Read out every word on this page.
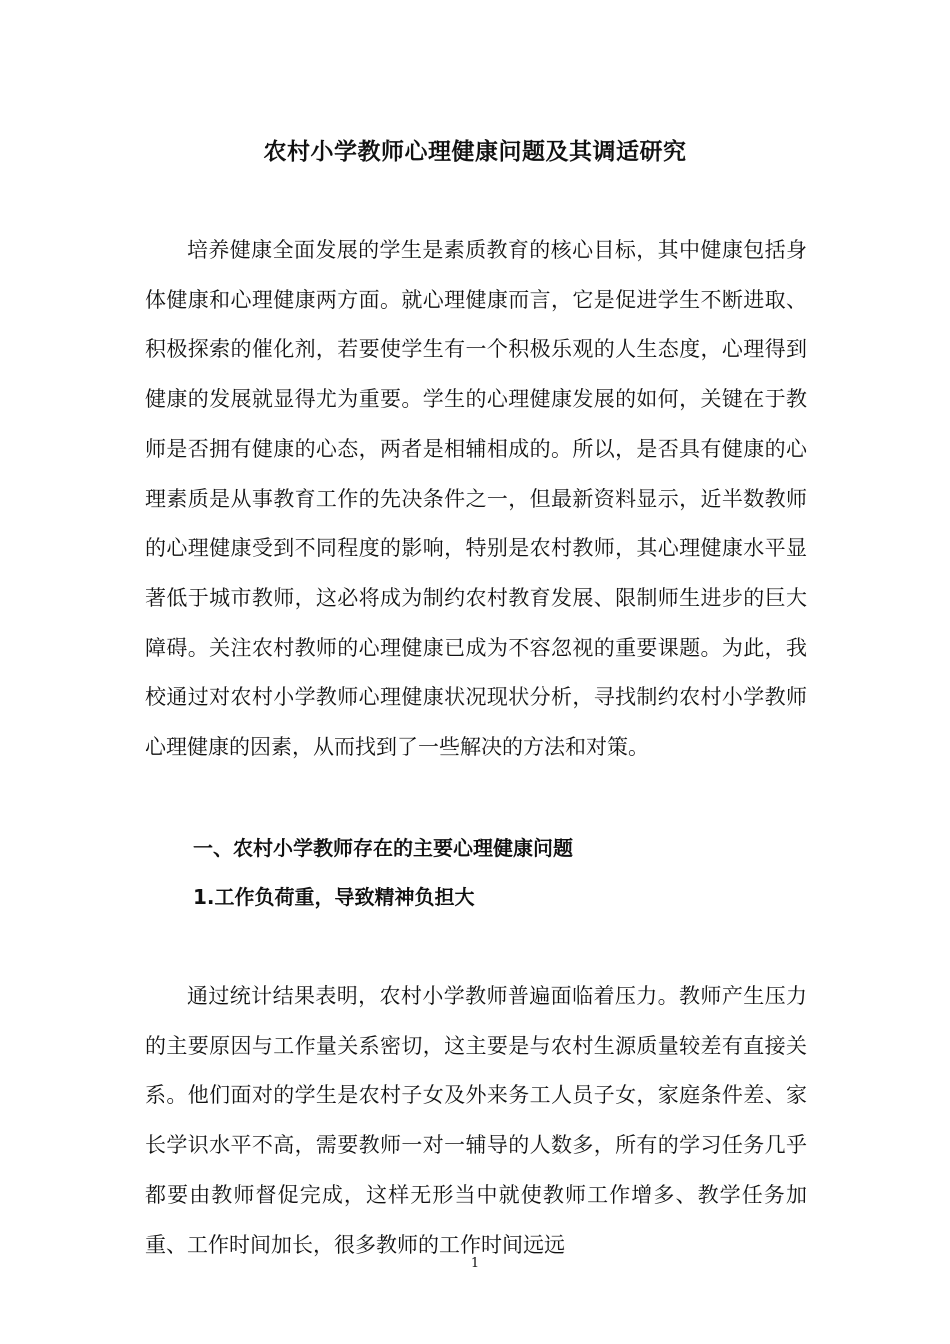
农村小学教师心理健康问题及其调适研究

培养健康全面发展的学生是素质教育的核心目标，其中健康包括身体健康和心理健康两方面。就心理健康而言，它是促进学生不断进取、积极探索的催化剂，若要使学生有一个积极乐观的人生态度，心理得到健康的发展就显得尤为重要。学生的心理健康发展的如何，关键在于教师是否拥有健康的心态，两者是相辅相成的。所以，是否具有健康的心理素质是从事教育工作的先决条件之一，但最新资料显示，近半数教师的心理健康受到不同程度的影响，特别是农村教师，其心理健康水平显著低于城市教师，这必将成为制约农村教育发展、限制师生进步的巨大障碍。关注农村教师的心理健康已成为不容忽视的重要课题。为此，我校通过对农村小学教师心理健康状况现状分析，寻找制约农村小学教师心理健康的因素，从而找到了一些解决的方法和对策。

一、农村小学教师存在的主要心理健康问题
1.工作负荷重，导致精神负担大

通过统计结果表明，农村小学教师普遍面临着压力。教师产生压力的主要原因与工作量关系密切，这主要是与农村生源质量较差有直接关系。他们面对的学生是农村子女及外来务工人员子女，家庭条件差、家长学识水平不高，需要教师一对一辅导的人数多，所有的学习任务几乎都要由教师督促完成，这样无形当中就使教师工作增多、教学任务加重、工作时间加长，很多教师的工作时间远远

1
